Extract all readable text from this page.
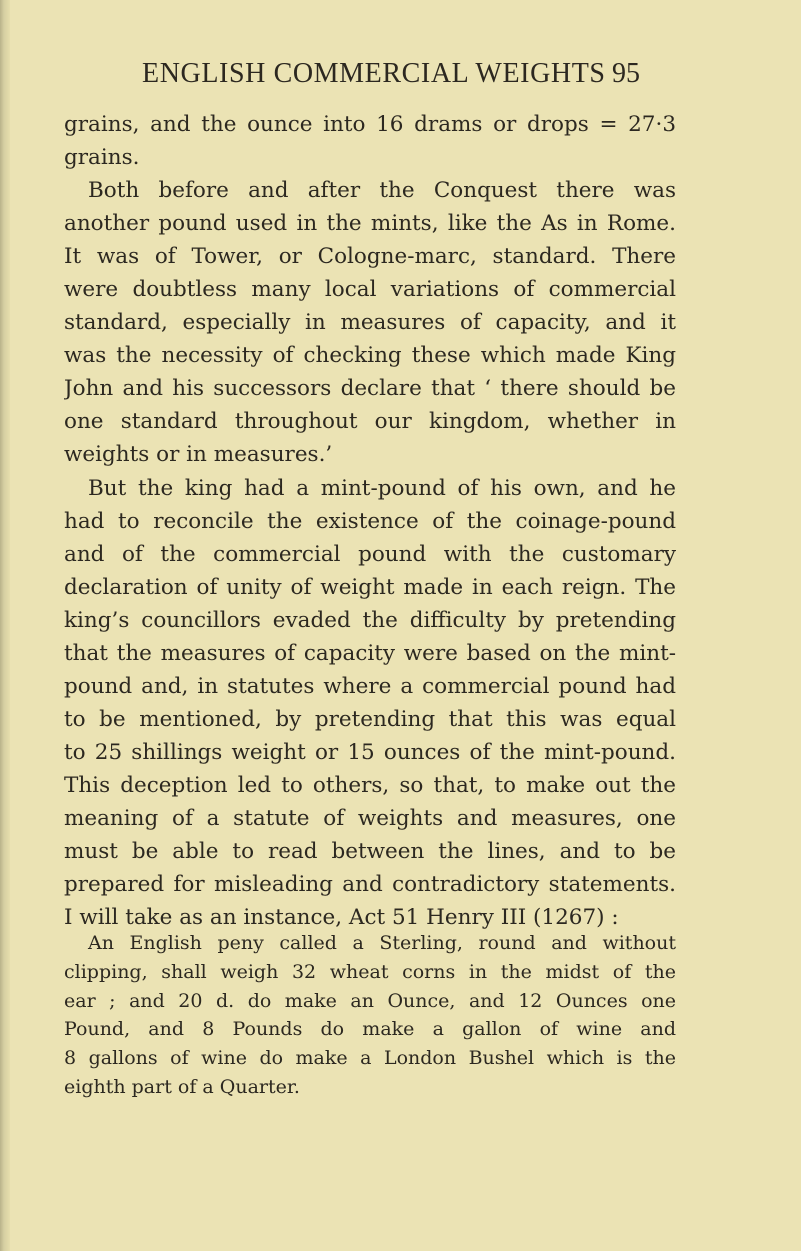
ENGLISH COMMERCIAL WEIGHTS 95
grains, and the ounce into 16 drams or drops = 27·3
grains.
Both before and after the Conquest there was
another pound used in the mints, like the As in Rome.
It was of Tower, or Cologne-marc, standard. There
were doubtless many local variations of commercial
standard, especially in measures of capacity, and it
was the necessity of checking these which made King
John and his successors declare that ‘ there should be
one standard throughout our kingdom, whether in
weights or in measures.’
But the king had a mint-pound of his own, and he
had to reconcile the existence of the coinage-pound
and of the commercial pound with the customary
declaration of unity of weight made in each reign. The
king’s councillors evaded the difficulty by pretending
that the measures of capacity were based on the mint-
pound and, in statutes where a commercial pound had
to be mentioned, by pretending that this was equal
to 25 shillings weight or 15 ounces of the mint-pound.
This deception led to others, so that, to make out the
meaning of a statute of weights and measures, one
must be able to read between the lines, and to be
prepared for misleading and contradictory statements.
I will take as an instance, Act 51 Henry III (1267) :
An English peny called a Sterling, round and without
clipping, shall weigh 32 wheat corns in the midst of the
ear ; and 20 d. do make an Ounce, and 12 Ounces one
Pound, and 8 Pounds do make a gallon of wine and
8 gallons of wine do make a London Bushel which is the
eighth part of a Quarter.
